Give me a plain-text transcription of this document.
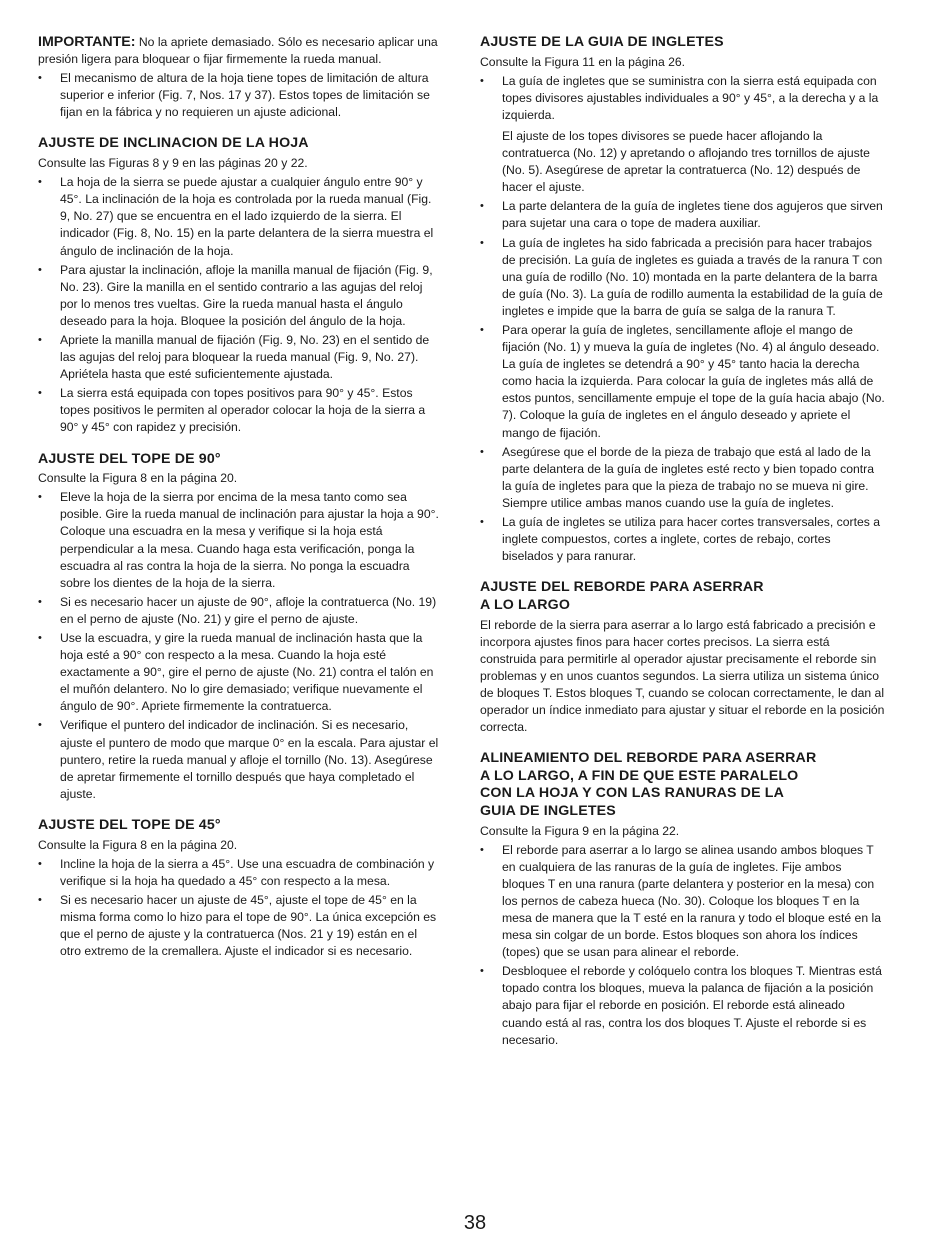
IMPORTANTE: No la apriete demasiado. Sólo es necesario aplicar una presión ligera para bloquear o fijar firmemente la rueda manual.

• El mecanismo de altura de la hoja tiene topes de limitación de altura superior e inferior (Fig. 7, Nos. 17 y 37). Estos topes de limitación se fijan en la fábrica y no requieren un ajuste adicional.
AJUSTE DE INCLINACION DE LA HOJA

Consulte las Figuras 8 y 9 en las páginas 20 y 22.

• La hoja de la sierra se puede ajustar a cualquier ángulo entre 90° y 45°. La inclinación de la hoja es controlada por la rueda manual (Fig. 9, No. 27) que se encuentra en el lado izquierdo de la sierra. El indicador (Fig. 8, No. 15) en la parte delantera de la sierra muestra el ángulo de inclinación de la hoja.
• Para ajustar la inclinación, afloje la manilla manual de fijación (Fig. 9, No. 23). Gire la manilla en el sentido contrario a las agujas del reloj por lo menos tres vueltas. Gire la rueda manual hasta el ángulo deseado para la hoja. Bloquee la posición del ángulo de la hoja.
• Apriete la manilla manual de fijación (Fig. 9, No. 23) en el sentido de las agujas del reloj para bloquear la rueda manual (Fig. 9, No. 27). Apriételа hasta que esté suficientemente ajustada.
• La sierra está equipada con topes positivos para 90° y 45°. Estos topes positivos le permiten al operador colocar la hoja de la sierra a 90° y 45° con rapidez y precisión.
AJUSTE DEL TOPE DE 90°

Consulte la Figura 8 en la página 20.

• Eleve la hoja de la sierra por encima de la mesa tanto como sea posible. Gire la rueda manual de inclinación para ajustar la hoja a 90°. Coloque una escuadra en la mesa y verifique si la hoja está perpendicular a la mesa. Cuando haga esta verificación, ponga la escuadra al ras contra la hoja de la sierra. No ponga la escuadra sobre los dientes de la hoja de la sierra.
• Si es necesario hacer un ajuste de 90°, afloje la contratuerca (No. 19) en el perno de ajuste (No. 21) y gire el perno de ajuste.
• Use la escuadra, y gire la rueda manual de inclinación hasta que la hoja esté a 90° con respecto a la mesa. Cuando la hoja esté exactamente a 90°, gire el perno de ajuste (No. 21) contra el talón en el muñón delantero. No lo gire demasiado; verifique nuevamente el ángulo de 90°. Apriete firmemente la contratuerca.
• Verifique el puntero del indicador de inclinación. Si es necesario, ajuste el puntero de modo que marque 0° en la escala. Para ajustar el puntero, retire la rueda manual y afloje el tornillo (No. 13). Asegúrese de apretar firmemente el tornillo después que haya completado el ajuste.
AJUSTE DEL TOPE DE 45°

Consulte la Figura 8 en la página 20.

• Incline la hoja de la sierra a 45°. Use una escuadra de combinación y verifique si la hoja ha quedado a 45° con respecto a la mesa.
• Si es necesario hacer un ajuste de 45°, ajuste el tope de 45° en la misma forma como lo hizo para el tope de 90°. La única excepción es que el perno de ajuste y la contratuerca (Nos. 21 y 19) están en el otro extremo de la cremallera. Ajuste el indicador si es necesario.
AJUSTE DE LA GUIA DE INGLETES

Consulte la Figura 11 en la página 26.

• La guía de ingletes que se suministra con la sierra está equipada con topes divisores ajustables individuales a 90° y 45°, a la derecha y a la izquierda.
El ajuste de los topes divisores se puede hacer aflojando la contratuerca (No. 12) y apretando o aflojando tres tornillos de ajuste (No. 5). Asegúrese de apretar la contratuerca (No. 12) después de hacer el ajuste.
• La parte delantera de la guía de ingletes tiene dos agujeros que sirven para sujetar una cara o tope de madera auxiliar.
• La guía de ingletes ha sido fabricada a precisión para hacer trabajos de precisión. La guía de ingletes es guiada a través de la ranura T con una guía de rodillo (No. 10) montada en la parte delantera de la barra de guía (No. 3). La guía de rodillo aumenta la estabilidad de la guía de ingletes e impide que la barra de guía se salga de la ranura T.
• Para operar la guía de ingletes, sencillamente afloje el mango de fijación (No. 1) y mueva la guía de ingletes (No. 4) al ángulo deseado. La guía de ingletes se detendrá a 90° y 45° tanto hacia la derecha como hacia la izquierda. Para colocar la guía de ingletes más allá de estos puntos, sencillamente empuje el tope de la guía hacia abajo (No. 7). Coloque la guía de ingletes en el ángulo deseado y apriete el mango de fijación.
• Asegúrese que el borde de la pieza de trabajo que está al lado de la parte delantera de la guía de ingletes esté recto y bien topado contra la guía de ingletes para que la pieza de trabajo no se mueva ni gire. Siempre utilice ambas manos cuando use la guía de ingletes.
• La guía de ingletes se utiliza para hacer cortes transversales, cortes a inglete compuestos, cortes a inglete, cortes de rebajo, cortes biselados y para ranurar.
AJUSTE DEL REBORDE PARA ASERRAR
A LO LARGO

El reborde de la sierra para aserrar a lo largo está fabricado a precisión e incorpora ajustes finos para hacer cortes precisos. La sierra está construida para permitirle al operador ajustar precisamente el reborde sin problemas y en unos cuantos segundos. La sierra utiliza un sistema único de bloques T. Estos bloques T, cuando se colocan correctamente, le dan al operador un índice inmediato para ajustar y situar el reborde en la posición correcta.

ALINEAMIENTO DEL REBORDE PARA ASERRAR
A LO LARGO, A FIN DE QUE ESTE PARALELO
CON LA HOJA Y CON LAS RANURAS DE LA
GUIA DE INGLETES

Consulte la Figura 9 en la página 22.

• El reborde para aserrar a lo largo se alinea usando ambos bloques T en cualquiera de las ranuras de la guía de ingletes. Fije ambos bloques T en una ranura (parte delantera y posterior en la mesa) con los pernos de cabeza hueca (No. 30). Coloque los bloques T en la mesa de manera que la T esté en la ranura y todo el bloque esté en la mesa sin colgar de un borde. Estos bloques son ahora los índices (topes) que se usan para alinear el reborde.
• Desbloquee el reborde y colóquelo contra los bloques T. Mientras está topado contra los bloques, mueva la palanca de fijación a la posición abajo para fijar el reborde en posición. El reborde está alineado cuando está al ras, contra los dos bloques T. Ajuste el reborde si es necesario.
38
